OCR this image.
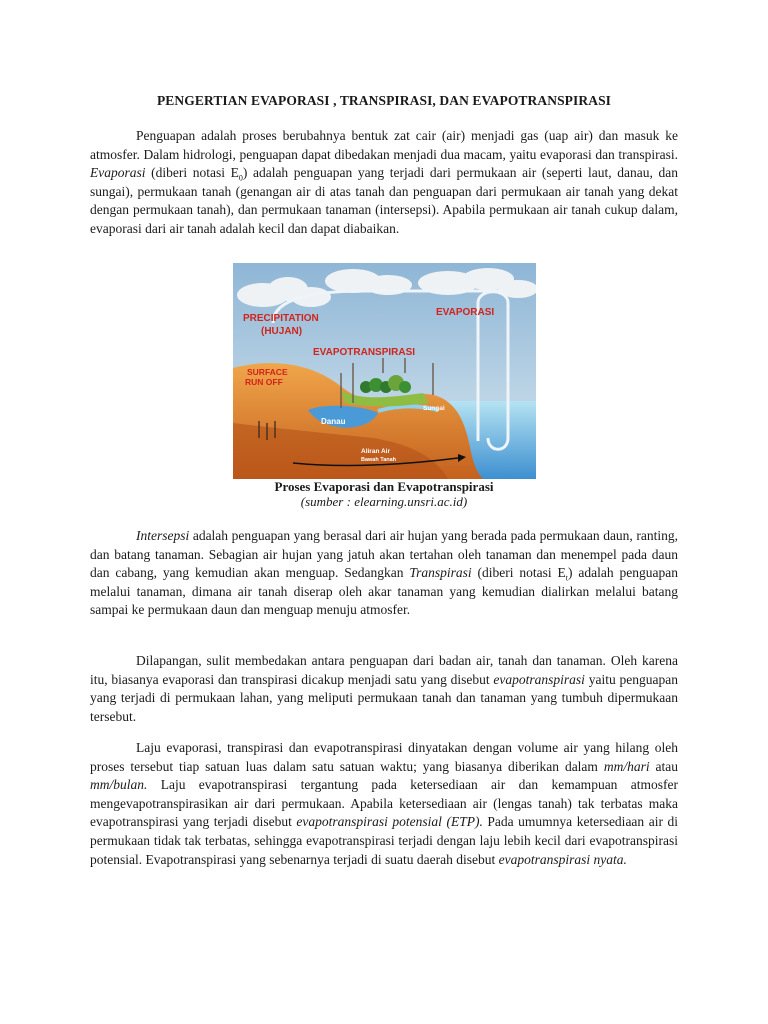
PENGERTIAN EVAPORASI , TRANSPIRASI, DAN EVAPOTRANSPIRASI

Penguapan adalah proses berubahnya bentuk zat cair (air) menjadi gas (uap air) dan masuk ke atmosfer. Dalam hidrologi, penguapan dapat dibedakan menjadi dua macam, yaitu evaporasi dan transpirasi. Evaporasi (diberi notasi $E_0$) adalah penguapan yang terjadi dari permukaan air (seperti laut, danau, dan sungai), permukaan tanah (genangan air di atas tanah dan penguapan dari permukaan air tanah yang dekat dengan permukaan tanah), dan permukaan tanaman (intersepsi). Apabila permukaan air tanah cukup dalam, evaporasi dari air tanah adalah kecil dan dapat diabaikan.

PRECIPITATION
(HUJAN)
EVAPORASI
EVAPOTRANSPIRASI
SURFACE
RUN OFF
Danau
Sungai
Aliran Air
Bawah Tanah

Proses Evaporasi dan Evapotranspirasi

(sumber : elearning.unsri.ac.id)

Intersepsi adalah penguapan yang berasal dari air hujan yang berada pada permukaan daun, ranting, dan batang tanaman. Sebagian air hujan yang jatuh akan tertahan oleh tanaman dan menempel pada daun dan cabang, yang kemudian akan menguap. Sedangkan Transpirasi (diberi notasi $E_t$) adalah penguapan melalui tanaman, dimana air tanah diserap oleh akar tanaman yang kemudian dialirkan melalui batang sampai ke permukaan daun dan menguap menuju atmosfer.

Dilapangan, sulit membedakan antara penguapan dari badan air, tanah dan tanaman. Oleh karena itu, biasanya evaporasi dan transpirasi dicakup menjadi satu yang disebut evapotranspirasi yaitu penguapan yang terjadi di permukaan lahan, yang meliputi permukaan tanah dan tanaman yang tumbuh dipermukaan tersebut.

Laju evaporasi, transpirasi dan evapotranspirasi dinyatakan dengan volume air yang hilang oleh proses tersebut tiap satuan luas dalam satu satuan waktu; yang biasanya diberikan dalam mm/hari atau mm/bulan. Laju evapotranspirasi tergantung pada ketersediaan air dan kemampuan atmosfer mengevapotranspirasikan air dari permukaan. Apabila ketersediaan air (lengas tanah) tak terbatas maka evapotranspirasi yang terjadi disebut evapotranspirasi potensial (ETP). Pada umumnya ketersediaan air di permukaan tidak tak terbatas, sehingga evapotranspirasi terjadi dengan laju lebih kecil dari evapotranspirasi potensial. Evapotranspirasi yang sebenarnya terjadi di suatu daerah disebut evapotranspirasi nyata.
